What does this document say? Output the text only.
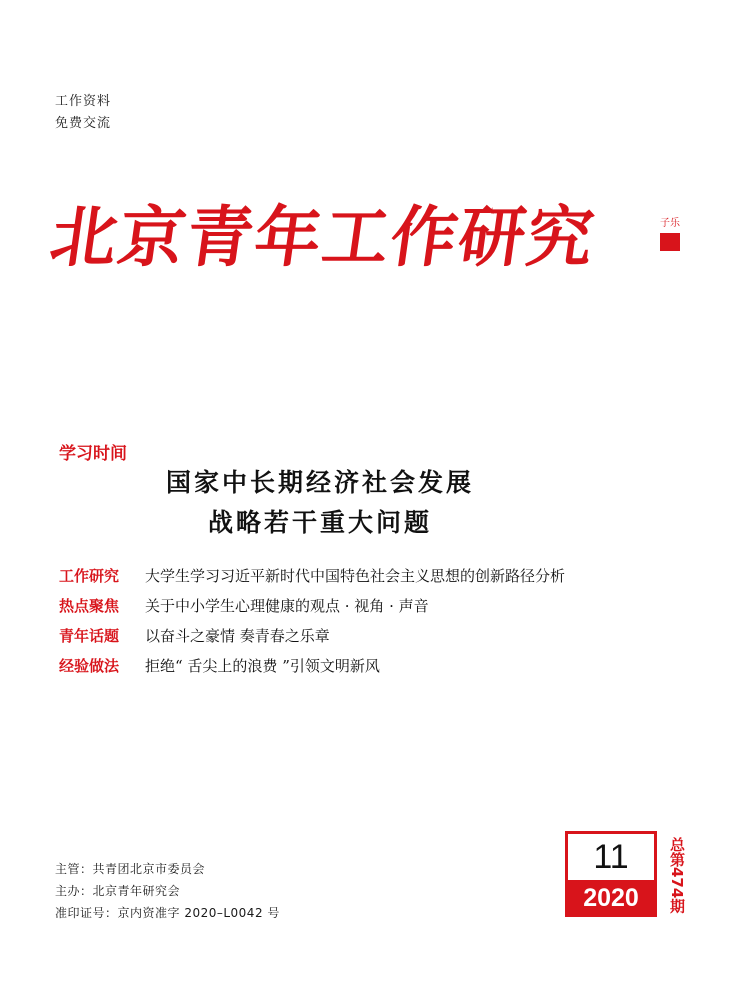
工作资料
免费交流
北京青年工作研究	子乐
学习时间
国家中长期经济社会发展
战略若干重大问题
工作研究	大学生学习习近平新时代中国特色社会主义思想的创新路径分析
热点聚焦	关于中小学生心理健康的观点 · 视角 · 声音
青年话题	以奋斗之豪情 奏青春之乐章
经验做法	拒绝“ 舌尖上的浪费 ”引领文明新风
主管：共青团北京市委员会
主办：北京青年研究会
准印证号：京内资准字 2020–L0042 号
11
2020	总第474期
